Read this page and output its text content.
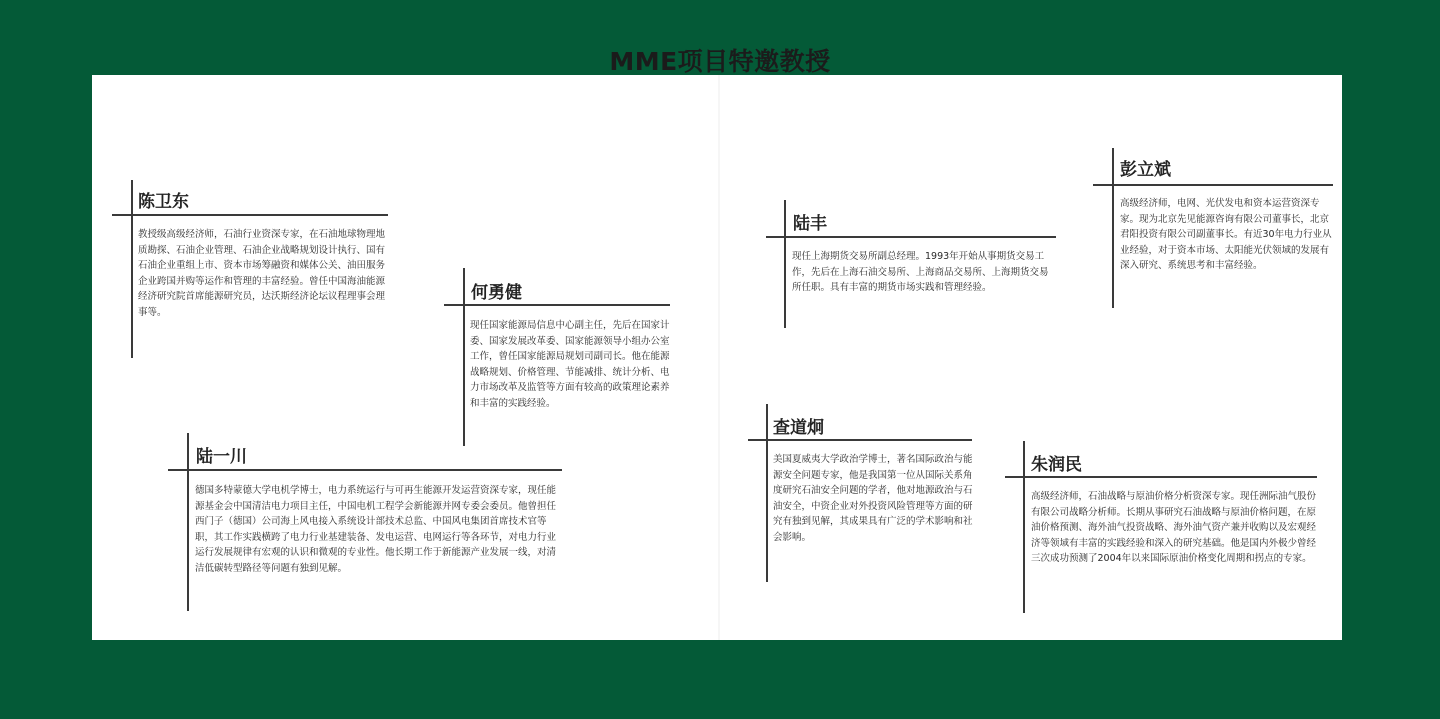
MME项目特邀教授
陈卫东

教授级高级经济师，石油行业资深专家，在石油地球物理地质勘探、石油企业管理、石油企业战略规划设计执行、国有石油企业重组上市、资本市场筹融资和媒体公关、油田服务企业跨国并购等运作和管理的丰富经验。曾任中国海油能源经济研究院首席能源研究员，达沃斯经济论坛议程理事会理事等。

何勇健

现任国家能源局信息中心副主任，先后在国家计委、国家发展改革委、国家能源领导小组办公室工作，曾任国家能源局规划司副司长。他在能源战略规划、价格管理、节能减排、统计分析、电力市场改革及监管等方面有较高的政策理论素养和丰富的实践经验。

陆一川

德国多特蒙德大学电机学博士，电力系统运行与可再生能源开发运营资深专家，现任能源基金会中国清洁电力项目主任，中国电机工程学会新能源并网专委会委员。他曾担任西门子（德国）公司海上风电接入系统设计部技术总监、中国风电集团首席技术官等职，其工作实践横跨了电力行业基建装备、发电运营、电网运行等各环节，对电力行业运行发展规律有宏观的认识和微观的专业性。他长期工作于新能源产业发展一线，对清洁低碳转型路径等问题有独到见解。

陆丰

现任上海期货交易所副总经理。1993年开始从事期货交易工作，先后在上海石油交易所、上海商品交易所、上海期货交易所任职。具有丰富的期货市场实践和管理经验。

彭立斌

高级经济师，电网、光伏发电和资本运营资深专家。现为北京先见能源咨询有限公司董事长，北京君阳投资有限公司副董事长。有近30年电力行业从业经验，对于资本市场、太阳能光伏领域的发展有深入研究、系统思考和丰富经验。

查道炯

美国夏威夷大学政治学博士，著名国际政治与能源安全问题专家，他是我国第一位从国际关系角度研究石油安全问题的学者，他对地源政治与石油安全，中资企业对外投资风险管理等方面的研究有独到见解，其成果具有广泛的学术影响和社会影响。

朱润民

高级经济师，石油战略与原油价格分析资深专家。现任洲际油气股份有限公司战略分析师。长期从事研究石油战略与原油价格问题，在原油价格预测、海外油气投资战略、海外油气资产兼并收购以及宏观经济等领域有丰富的实践经验和深入的研究基础。他是国内外极少曾经三次成功预测了2004年以来国际原油价格变化周期和拐点的专家。
